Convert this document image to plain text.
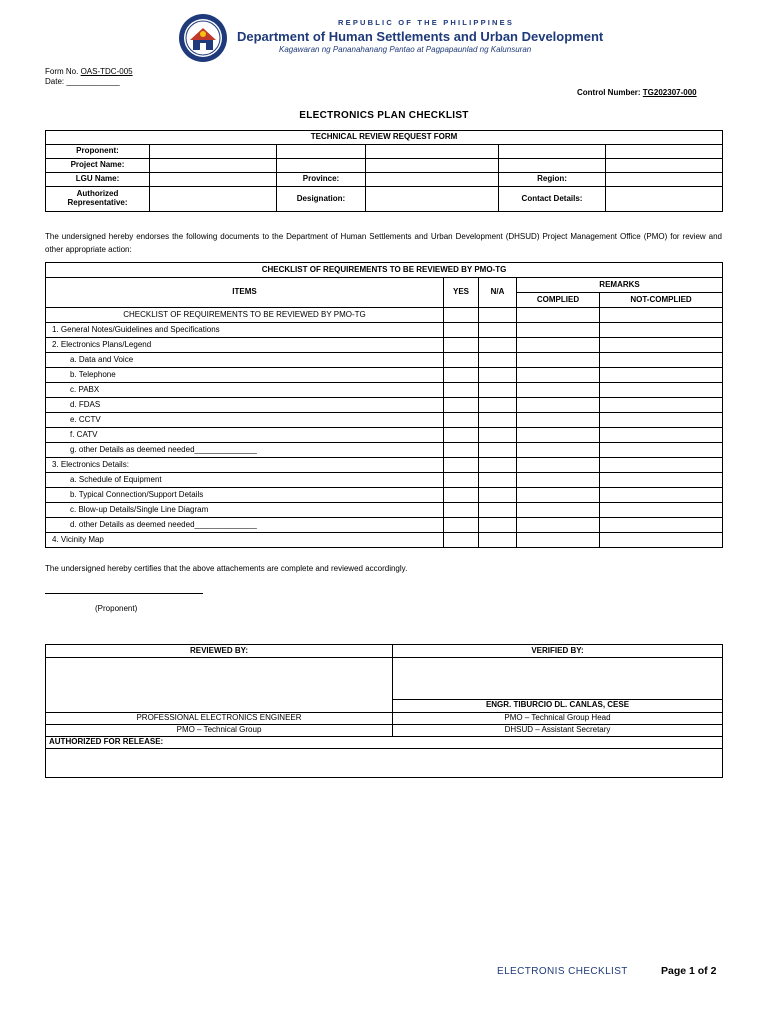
REPUBLIC OF THE PHILIPPINES
Department of Human Settlements and Urban Development
Kagawaran ng Pananahanang Pantao at Pagpapaunlad ng Kalunsuran
Form No. OAS-TDC-005
Date: ____________
Control Number: TG202307-000
ELECTRONICS PLAN CHECKLIST
TECHNICAL REVIEW REQUEST FORM					
Proponent:					
Project Name:					
LGU Name:		Province:		Region:	

Authorized
Representative:		Designation:		Contact Details:	
The undersigned hereby endorses the following documents to the Department of Human Settlements and Urban Development (DHSUD) Project Management Office (PMO) for review and other appropriate action:
CHECKLIST OF REQUIREMENTS TO BE REVIEWED BY PMO-TG				
ITEMS	YES	N/A	REMARKS	
			COMPLIED	NOT-COMPLIED
CHECKLIST OF REQUIREMENTS TO BE REVIEWED BY PMO-TG				
1. General Notes/Guidelines and Specifications				
2. Electronics Plans/Legend				
a. Data and Voice				
b. Telephone				
c. PABX				
d. FDAS				
e. CCTV				
f. CATV				
g. other Details as deemed needed______________				
3. Electronics Details:				
a. Schedule of Equipment				
b. Typical Connection/Support Details				
c. Blow-up Details/Single Line Diagram				
d. other Details as deemed needed______________				
4. Vicinity Map				
The undersigned hereby certifies that the above attachements are complete and reviewed accordingly.
(Proponent)
REVIEWED BY:	VERIFIED BY:

	ENGR. TIBURCIO DL. CANLAS, CESE
PROFESSIONAL ELECTRONICS ENGINEER	PMO – Technical Group Head
PMO – Technical Group	DHSUD – Assistant Secretary
AUTHORIZED FOR RELEASE:	

ELECTRONIS CHECKLIST	Page 1 of 2
